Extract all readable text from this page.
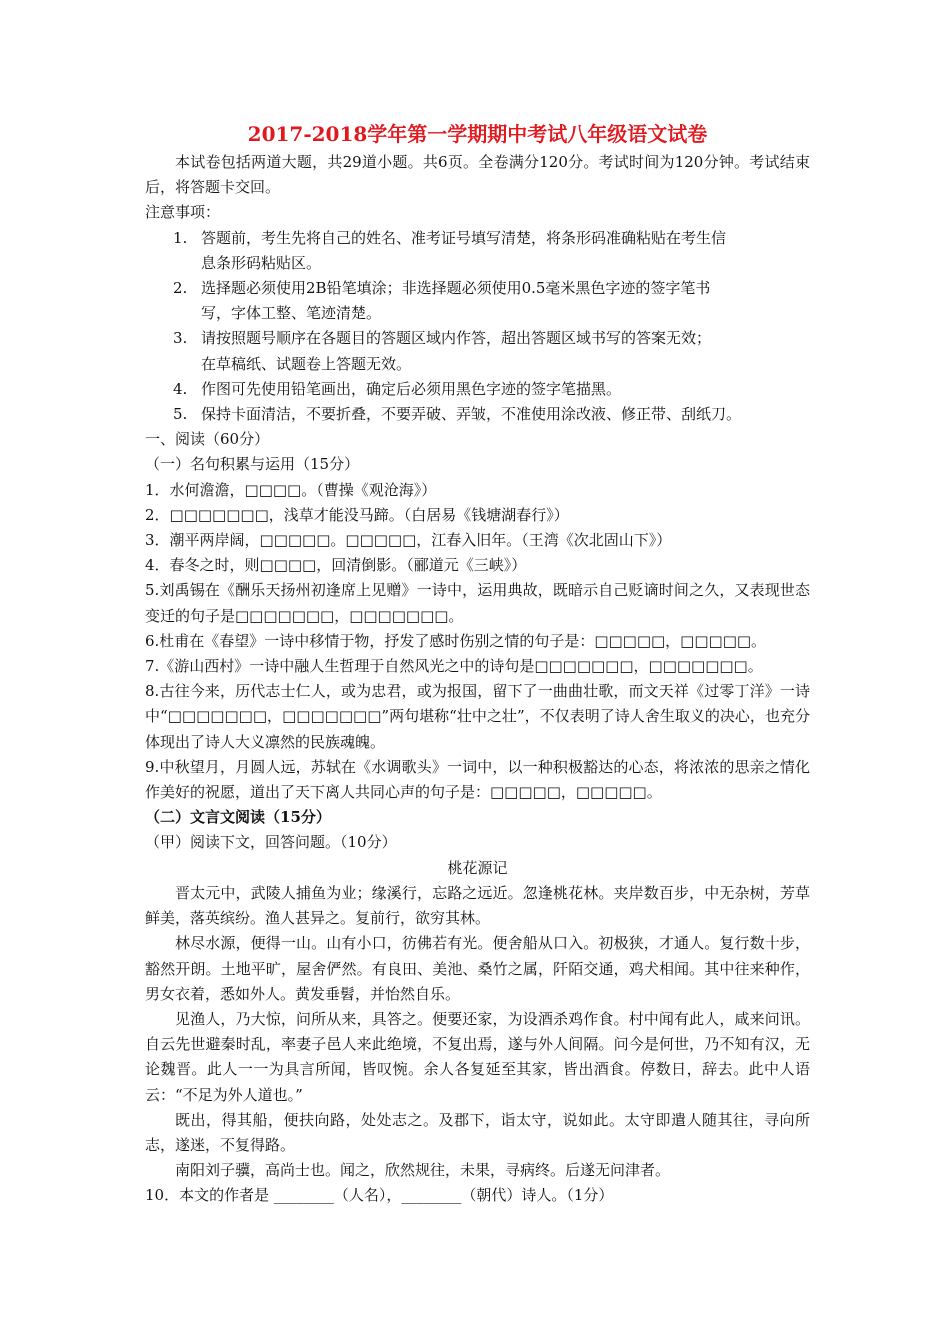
2017-2018学年第一学期期中考试八年级语文试卷

本试卷包括两道大题，共29道小题。共6页。全卷满分120分。考试时间为120分钟。考试结束后，将答题卡交回。

注意事项：

1. 答题前，考生先将自己的姓名、准考证号填写清楚，将条形码准确粘贴在考生信
息条形码粘贴区。

2. 选择题必须使用2B铅笔填涂；非选择题必须使用0.5毫米黑色字迹的签字笔书
写，字体工整、笔迹清楚。

3. 请按照题号顺序在各题目的答题区域内作答，超出答题区域书写的答案无效；
在草稿纸、试题卷上答题无效。

4. 作图可先使用铅笔画出，确定后必须用黑色字迹的签字笔描黑。

5. 保持卡面清洁，不要折叠，不要弄破、弄皱，不准使用涂改液、修正带、刮纸刀。

一、阅读（60分）

（一）名句积累与运用（15分）

1．水何澹澹，□□□□。（曹操《观沧海》）

2．□□□□□□□，浅草才能没马蹄。（白居易《钱塘湖春行》）

3．潮平两岸阔，□□□□□。□□□□□，江春入旧年。（王湾《次北固山下》）

4．春冬之时，则□□□□，回清倒影。（郦道元《三峡》）

5.刘禹锡在《酬乐天扬州初逢席上见赠》一诗中，运用典故，既暗示自己贬谪时间之久，又表现世态变迁的句子是□□□□□□□，□□□□□□□。

6.杜甫在《春望》一诗中移情于物，抒发了感时伤别之情的句子是：□□□□□，□□□□□。

7.《游山西村》一诗中融人生哲理于自然风光之中的诗句是□□□□□□□，□□□□□□□。

8.古往今来，历代志士仁人，或为忠君，或为报国，留下了一曲曲壮歌，而文天祥《过零丁洋》一诗中“□□□□□□□，□□□□□□□”两句堪称“壮中之壮”，不仅表明了诗人舍生取义的决心，也充分体现出了诗人大义凛然的民族魂魄。

9.中秋望月，月圆人远，苏轼在《水调歌头》一词中，以一种积极豁达的心态，将浓浓的思亲之情化作美好的祝愿，道出了天下离人共同心声的句子是：□□□□□，□□□□□。

（二）文言文阅读（15分）

（甲）阅读下文，回答问题。（10分）

桃花源记

晋太元中，武陵人捕鱼为业；缘溪行，忘路之远近。忽逢桃花林。夹岸数百步，中无杂树，芳草鲜美，落英缤纷。渔人甚异之。复前行，欲穷其林。

林尽水源，便得一山。山有小口，彷佛若有光。便舍船从口入。初极狭，才通人。复行数十步，豁然开朗。土地平旷，屋舍俨然。有良田、美池、桑竹之属，阡陌交通，鸡犬相闻。其中往来种作，男女衣着，悉如外人。黄发垂髫，并怡然自乐。

见渔人，乃大惊，问所从来，具答之。便要还家，为设酒杀鸡作食。村中闻有此人，咸来问讯。自云先世避秦时乱，率妻子邑人来此绝境，不复出焉，遂与外人间隔。问今是何世，乃不知有汉，无论魏晋。此人一一为具言所闻，皆叹惋。余人各复延至其家，皆出酒食。停数日，辞去。此中人语云：“不足为外人道也。”

既出，得其船，便扶向路，处处志之。及郡下，诣太守，说如此。太守即遣人随其往，寻向所志，遂迷，不复得路。

南阳刘子骥，高尚士也。闻之，欣然规往，未果，寻病终。后遂无问津者。

10．本文的作者是 ________（人名），________（朝代）诗人。（1分）
